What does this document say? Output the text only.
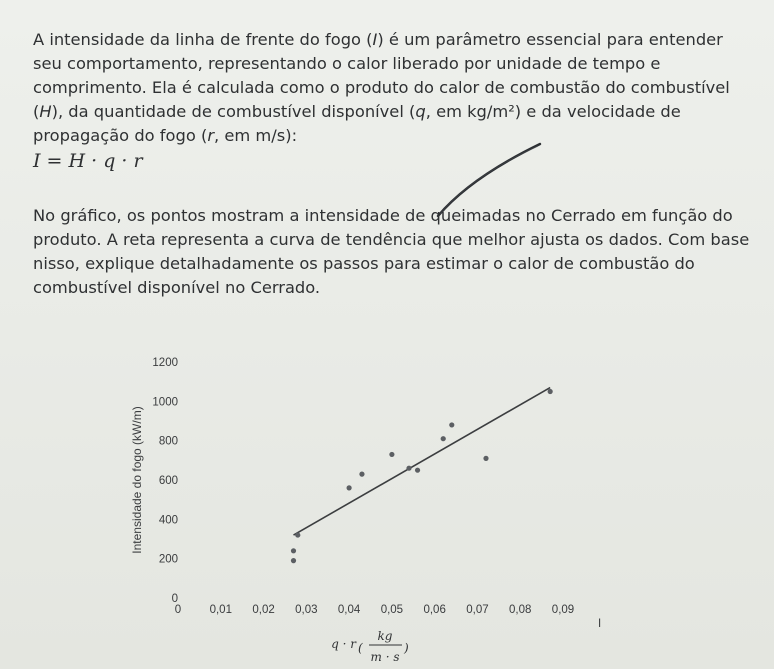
A intensidade da linha de frente do fogo (I) é um parâmetro essencial para entender seu comportamento, representando o calor liberado por unidade de tempo e comprimento. Ela é calculada como o produto do calor de combustão do combustível (H), da quantidade de combustível disponível (q, em kg/m²) e da velocidade de propagação do fogo (r, em m/s):
I = H · q · r
No gráfico, os pontos mostram a intensidade de queimadas no Cerrado em função do produto. A reta representa a curva de tendência que melhor ajusta os dados. Com base nisso, explique detalhadamente os passos para estimar o calor de combustão do combustível disponível no Cerrado.
0
200
400
600
800
1000
1200
0 0,01 0,02 0,03 0,04 0,05 0,06 0,07 0,08 0,09
Intensidade do fogo (kW/m)
I
q · r (
kg
m · s
)
